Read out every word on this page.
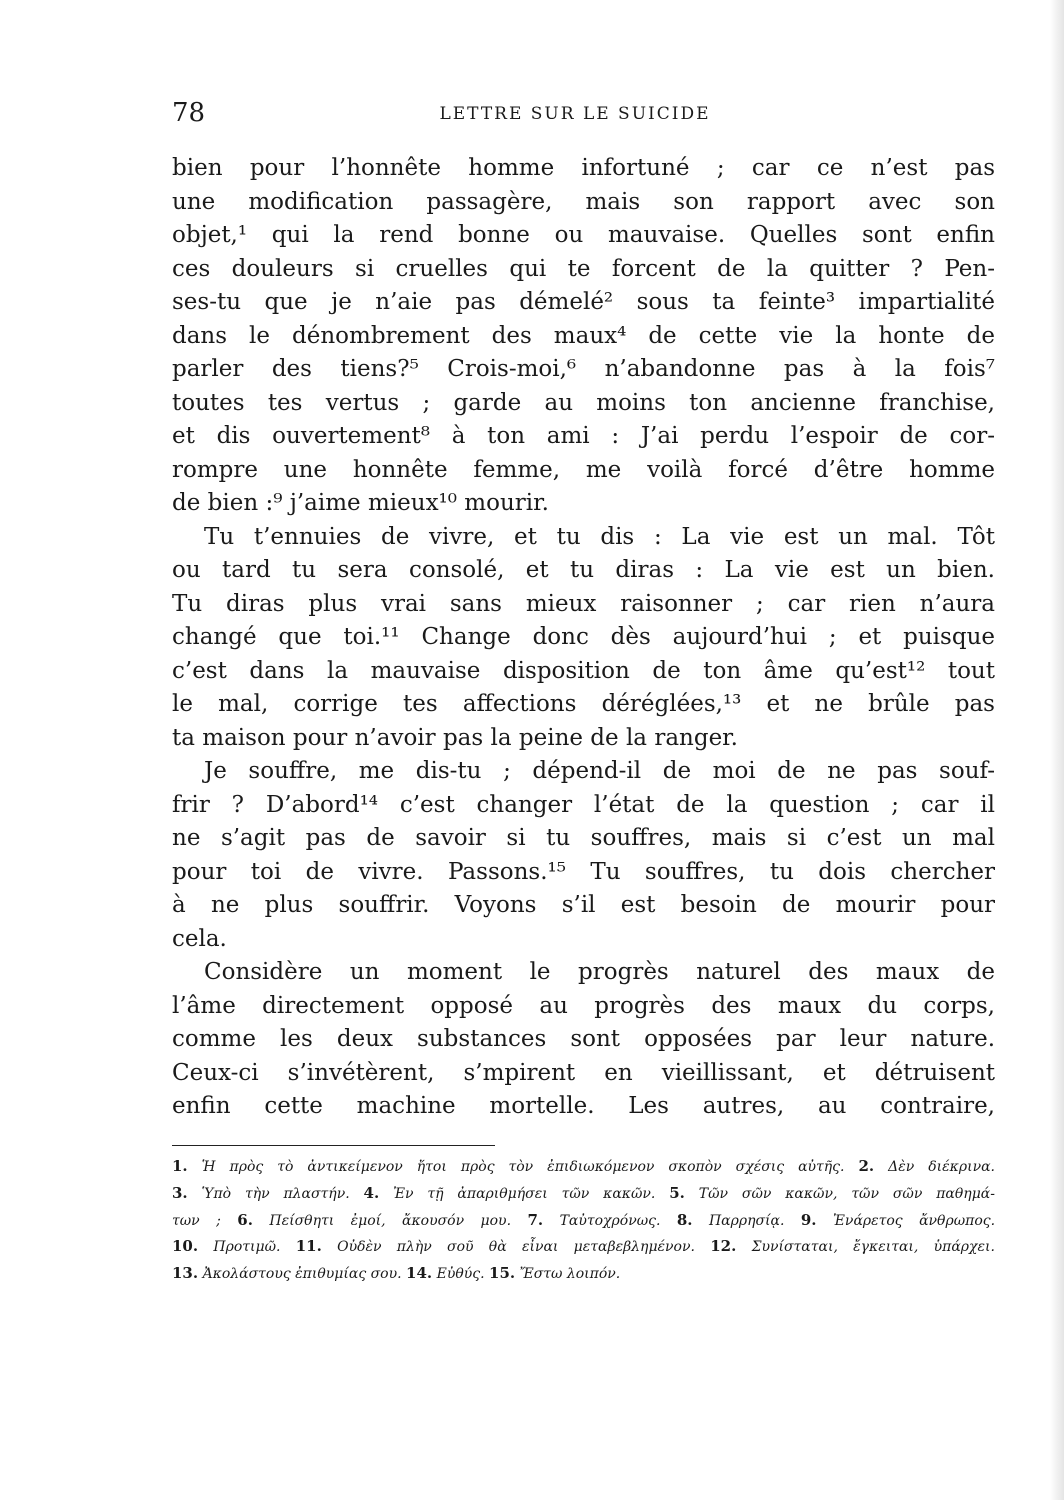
78	LETTRE SUR LE SUICIDE
bien pour l’honnête homme infortuné ; car ce n’est pas
une modification passagère, mais son rapport avec son
objet,¹ qui la rend bonne ou mauvaise. Quelles sont enfin
ces douleurs si cruelles qui te forcent de la quitter ? Pen-
ses-tu que je n’aie pas démelé² sous ta feinte³ impartialité
dans le dénombrement des maux⁴ de cette vie la honte de
parler des tiens?⁵ Crois-moi,⁶ n’abandonne pas à la fois⁷
toutes tes vertus ; garde au moins ton ancienne franchise,
et dis ouvertement⁸ à ton ami : J’ai perdu l’espoir de cor-
rompre une honnête femme, me voilà forcé d’être homme
de bien :⁹ j’aime mieux¹⁰ mourir.
Tu t’ennuies de vivre, et tu dis : La vie est un mal. Tôt
ou tard tu sera consolé, et tu diras : La vie est un bien.
Tu diras plus vrai sans mieux raisonner ; car rien n’aura
changé que toi.¹¹ Change donc dès aujourd’hui ; et puisque
c’est dans la mauvaise disposition de ton âme qu’est¹² tout
le mal, corrige tes affections déréglées,¹³ et ne brûle pas
ta maison pour n’avoir pas la peine de la ranger.
Je souffre, me dis-tu ; dépend-il de moi de ne pas souf-
frir ? D’abord¹⁴ c’est changer l’état de la question ; car il
ne s’agit pas de savoir si tu souffres, mais si c’est un mal
pour toi de vivre. Passons.¹⁵ Tu souffres, tu dois chercher
à ne plus souffrir. Voyons s’il est besoin de mourir pour
cela.
Considère un moment le progrès naturel des maux de
l’âme directement opposé au progrès des maux du corps,
comme les deux substances sont opposées par leur nature.
Ceux-ci s’invétèrent, s’mpirent en vieillissant, et détruisent
enfin cette machine mortelle. Les autres, au contraire,
1. Ἡ πρὸς τὸ ἀντικείμενον ἤτοι πρὸς τὸν ἐπιδιωκόμενον σκοπὸν σχέσις αὐτῆς. 2. Δὲν διέκρινα.
3. Ὑπὸ τὴν πλαστήν. 4. Ἐν τῇ ἀπαριθμήσει τῶν κακῶν. 5. Τῶν σῶν κακῶν, τῶν σῶν παθημά-
των ; 6. Πείσθητι ἐμοί, ἄκουσόν μου. 7. Ταὐτοχρόνως. 8. Παρρησίᾳ. 9. Ἐνάρετος ἄνθρωπος.
10. Προτιμῶ. 11. Οὐδὲν πλὴν σοῦ θὰ εἶναι μεταβεβλημένον. 12. Συνίσταται, ἔγκειται, ὑπάρχει.
13. Ἀκολάστους ἐπιθυμίας σου. 14. Εὐθύς. 15. Ἔστω λοιπόν.
